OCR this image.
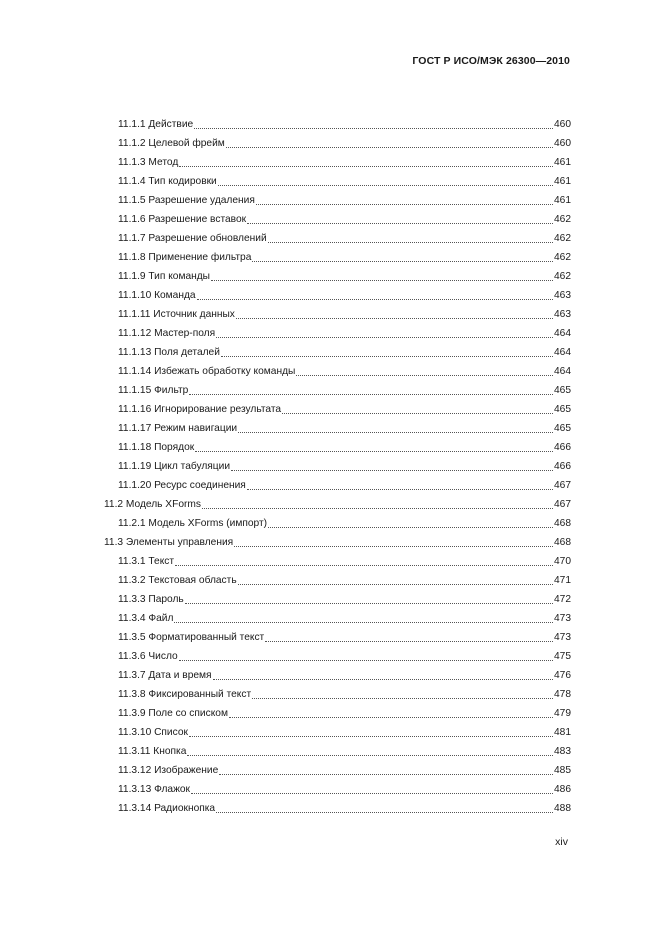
ГОСТ Р ИСО/МЭК 26300—2010
11.1.1 Действие	460
11.1.2 Целевой фрейм	460
11.1.3 Метод	461
11.1.4 Тип кодировки	461
11.1.5 Разрешение удаления	461
11.1.6 Разрешение вставок	462
11.1.7 Разрешение обновлений	462
11.1.8 Применение фильтра	462
11.1.9 Тип команды	462
11.1.10 Команда	463
11.1.11 Источник данных	463
11.1.12 Мастер-поля	464
11.1.13 Поля деталей	464
11.1.14 Избежать обработку команды	464
11.1.15 Фильтр	465
11.1.16 Игнорирование результата	465
11.1.17 Режим навигации	465
11.1.18 Порядок	466
11.1.19 Цикл табуляции	466
11.1.20 Ресурс соединения	467
11.2 Модель XForms	467
11.2.1 Модель XForms (импорт)	468
11.3 Элементы управления	468
11.3.1 Текст	470
11.3.2 Текстовая область	471
11.3.3 Пароль	472
11.3.4 Файл	473
11.3.5 Форматированный текст	473
11.3.6 Число	475
11.3.7 Дата и время	476
11.3.8 Фиксированный текст	478
11.3.9 Поле со списком	479
11.3.10 Список	481
11.3.11 Кнопка	483
11.3.12 Изображение	485
11.3.13 Флажок	486
11.3.14 Радиокнопка	488
xiv
